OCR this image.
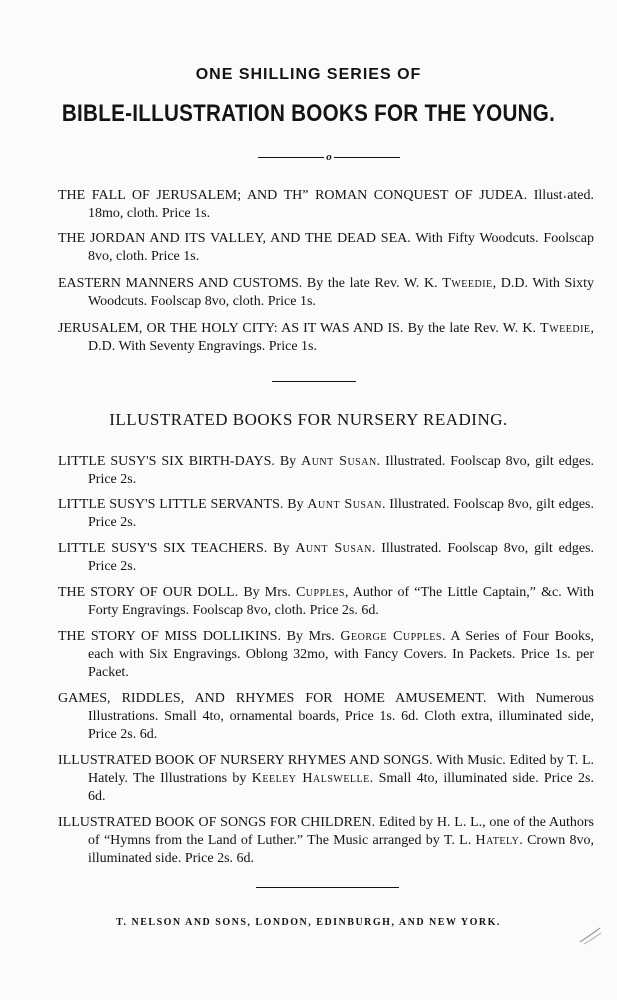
ONE SHILLING SERIES OF
BIBLE-ILLUSTRATION BOOKS FOR THE YOUNG.
o
THE FALL OF JERUSALEM; AND TH” ROMAN CONQUEST OF JUDEA. Illust˔ated. 18mo, cloth. Price 1s.
THE JORDAN AND ITS VALLEY, AND THE DEAD SEA. With Fifty Woodcuts. Foolscap 8vo, cloth. Price 1s.
EASTERN MANNERS AND CUSTOMS. By the late Rev. W. K. Tweedie, D.D. With Sixty Woodcuts. Foolscap 8vo, cloth. Price 1s.
JERUSALEM, OR THE HOLY CITY: AS IT WAS AND IS. By the late Rev. W. K. Tweedie, D.D. With Seventy Engravings. Price 1s.
ILLUSTRATED BOOKS FOR NURSERY READING.
LITTLE SUSY'S SIX BIRTH-DAYS. By Aunt Susan. Illustrated. Foolscap 8vo, gilt edges. Price 2s.
LITTLE SUSY'S LITTLE SERVANTS. By Aunt Susan. Illustrated. Foolscap 8vo, gilt edges. Price 2s.
LITTLE SUSY'S SIX TEACHERS. By Aunt Susan. Illustrated. Foolscap 8vo, gilt edges. Price 2s.
THE STORY OF OUR DOLL. By Mrs. Cupples, Author of “The Little Captain,” &c. With Forty Engravings. Foolscap 8vo, cloth. Price 2s. 6d.
THE STORY OF MISS DOLLIKINS. By Mrs. George Cupples. A Series of Four Books, each with Six Engravings. Oblong 32mo, with Fancy Covers. In Packets. Price 1s. per Packet.
GAMES, RIDDLES, AND RHYMES FOR HOME AMUSEMENT. With Numerous Illustrations. Small 4to, ornamental boards, Price 1s. 6d. Cloth extra, illuminated side, Price 2s. 6d.
ILLUSTRATED BOOK OF NURSERY RHYMES AND SONGS. With Music. Edited by T. L. Hately. The Illustrations by Keeley Halswelle. Small 4to, illuminated side. Price 2s. 6d.
ILLUSTRATED BOOK OF SONGS FOR CHILDREN. Edited by H. L. L., one of the Authors of “Hymns from the Land of Luther.” The Music arranged by T. L. Hately. Crown 8vo, illuminated side. Price 2s. 6d.
T. NELSON AND SONS, LONDON, EDINBURGH, AND NEW YORK.
